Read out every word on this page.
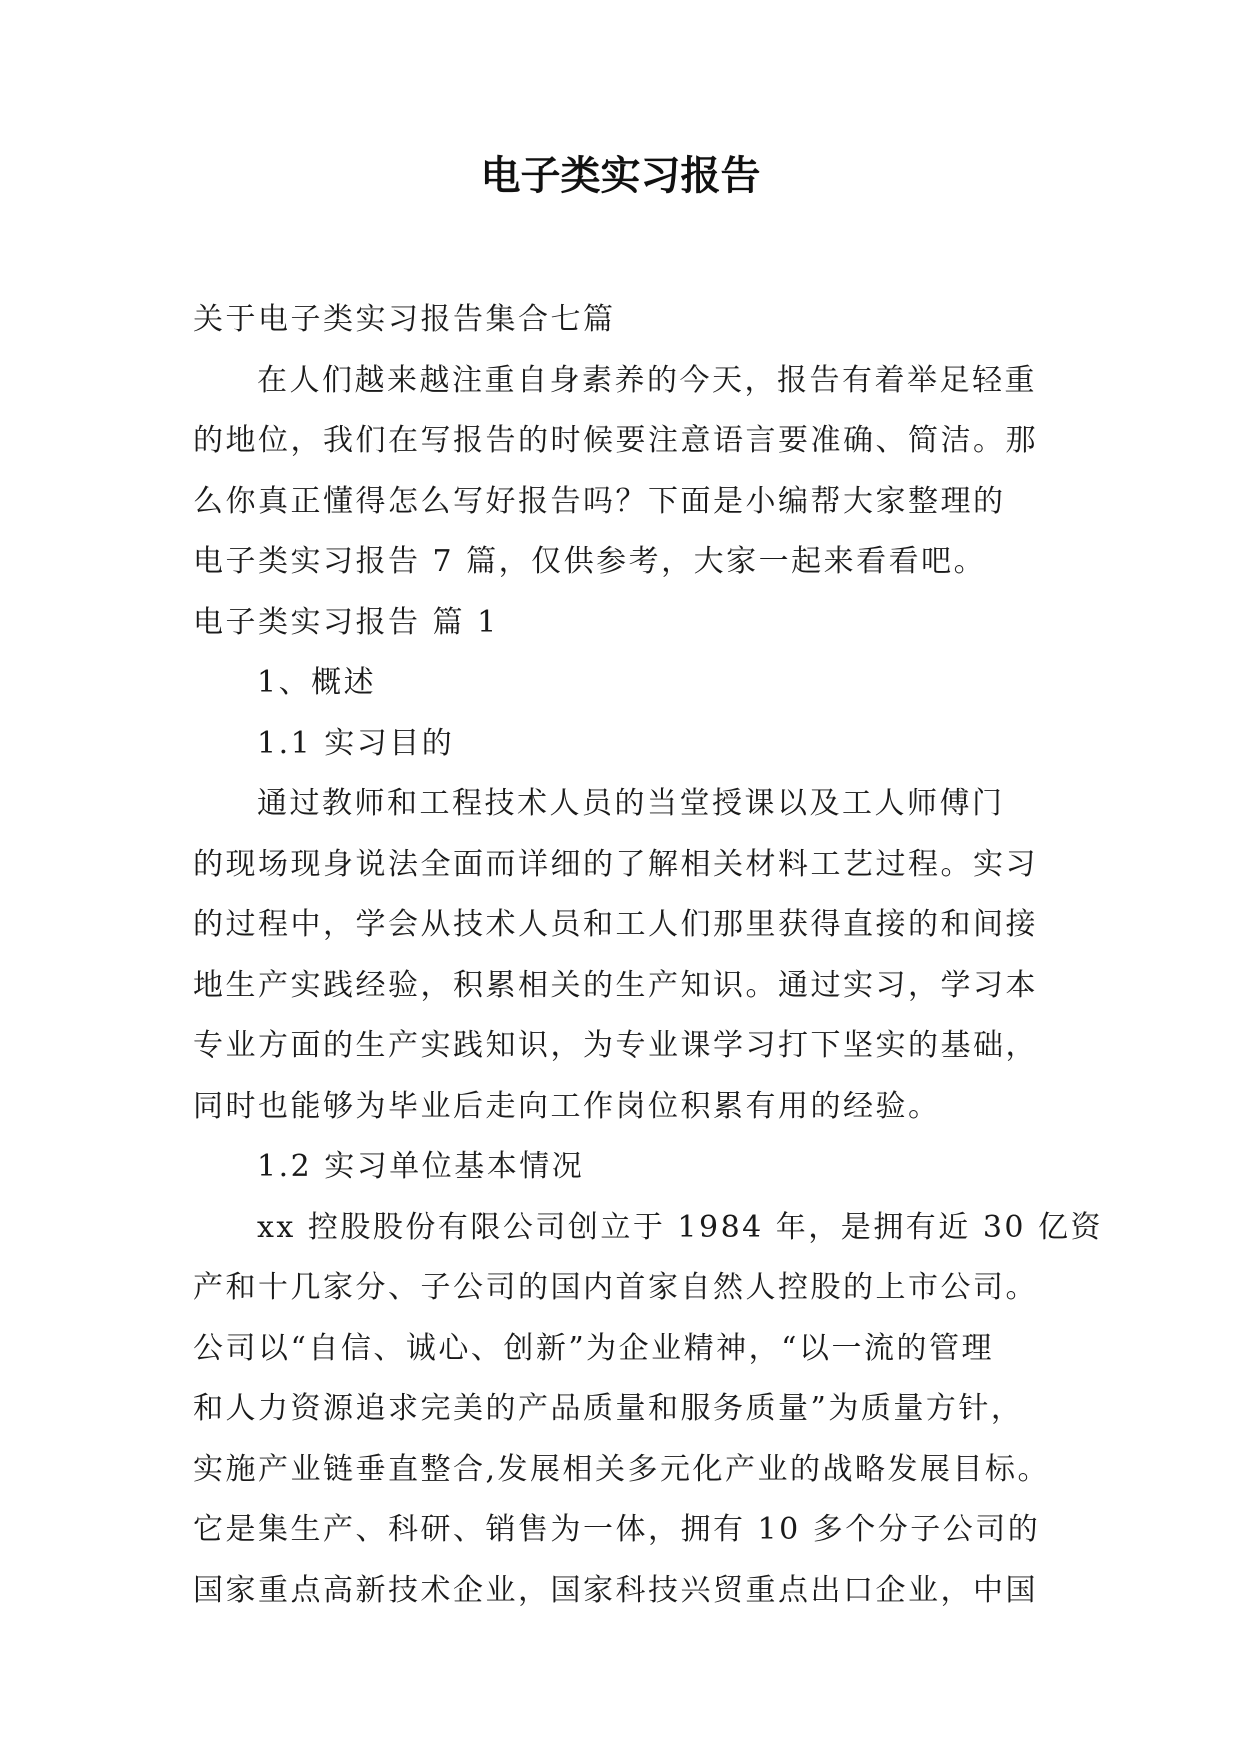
电子类实习报告

关于电子类实习报告集合七篇

在人们越来越注重自身素养的今天，报告有着举足轻重

的地位，我们在写报告的时候要注意语言要准确、简洁。那

么你真正懂得怎么写好报告吗？下面是小编帮大家整理的

电子类实习报告 7 篇，仅供参考，大家一起来看看吧。

电子类实习报告 篇 1

1、概述

1.1 实习目的

通过教师和工程技术人员的当堂授课以及工人师傅门

的现场现身说法全面而详细的了解相关材料工艺过程。实习

的过程中，学会从技术人员和工人们那里获得直接的和间接

地生产实践经验，积累相关的生产知识。通过实习，学习本

专业方面的生产实践知识，为专业课学习打下坚实的基础，

同时也能够为毕业后走向工作岗位积累有用的经验。

1.2 实习单位基本情况

xx 控股股份有限公司创立于 1984 年，是拥有近 30 亿资

产和十几家分、子公司的国内首家自然人控股的上市公司。

公司以“自信、诚心、创新”为企业精神，“以一流的管理

和人力资源追求完美的产品质量和服务质量”为质量方针，

实施产业链垂直整合,发展相关多元化产业的战略发展目标。

它是集生产、科研、销售为一体，拥有 10 多个分子公司的

国家重点高新技术企业，国家科技兴贸重点出口企业，中国
